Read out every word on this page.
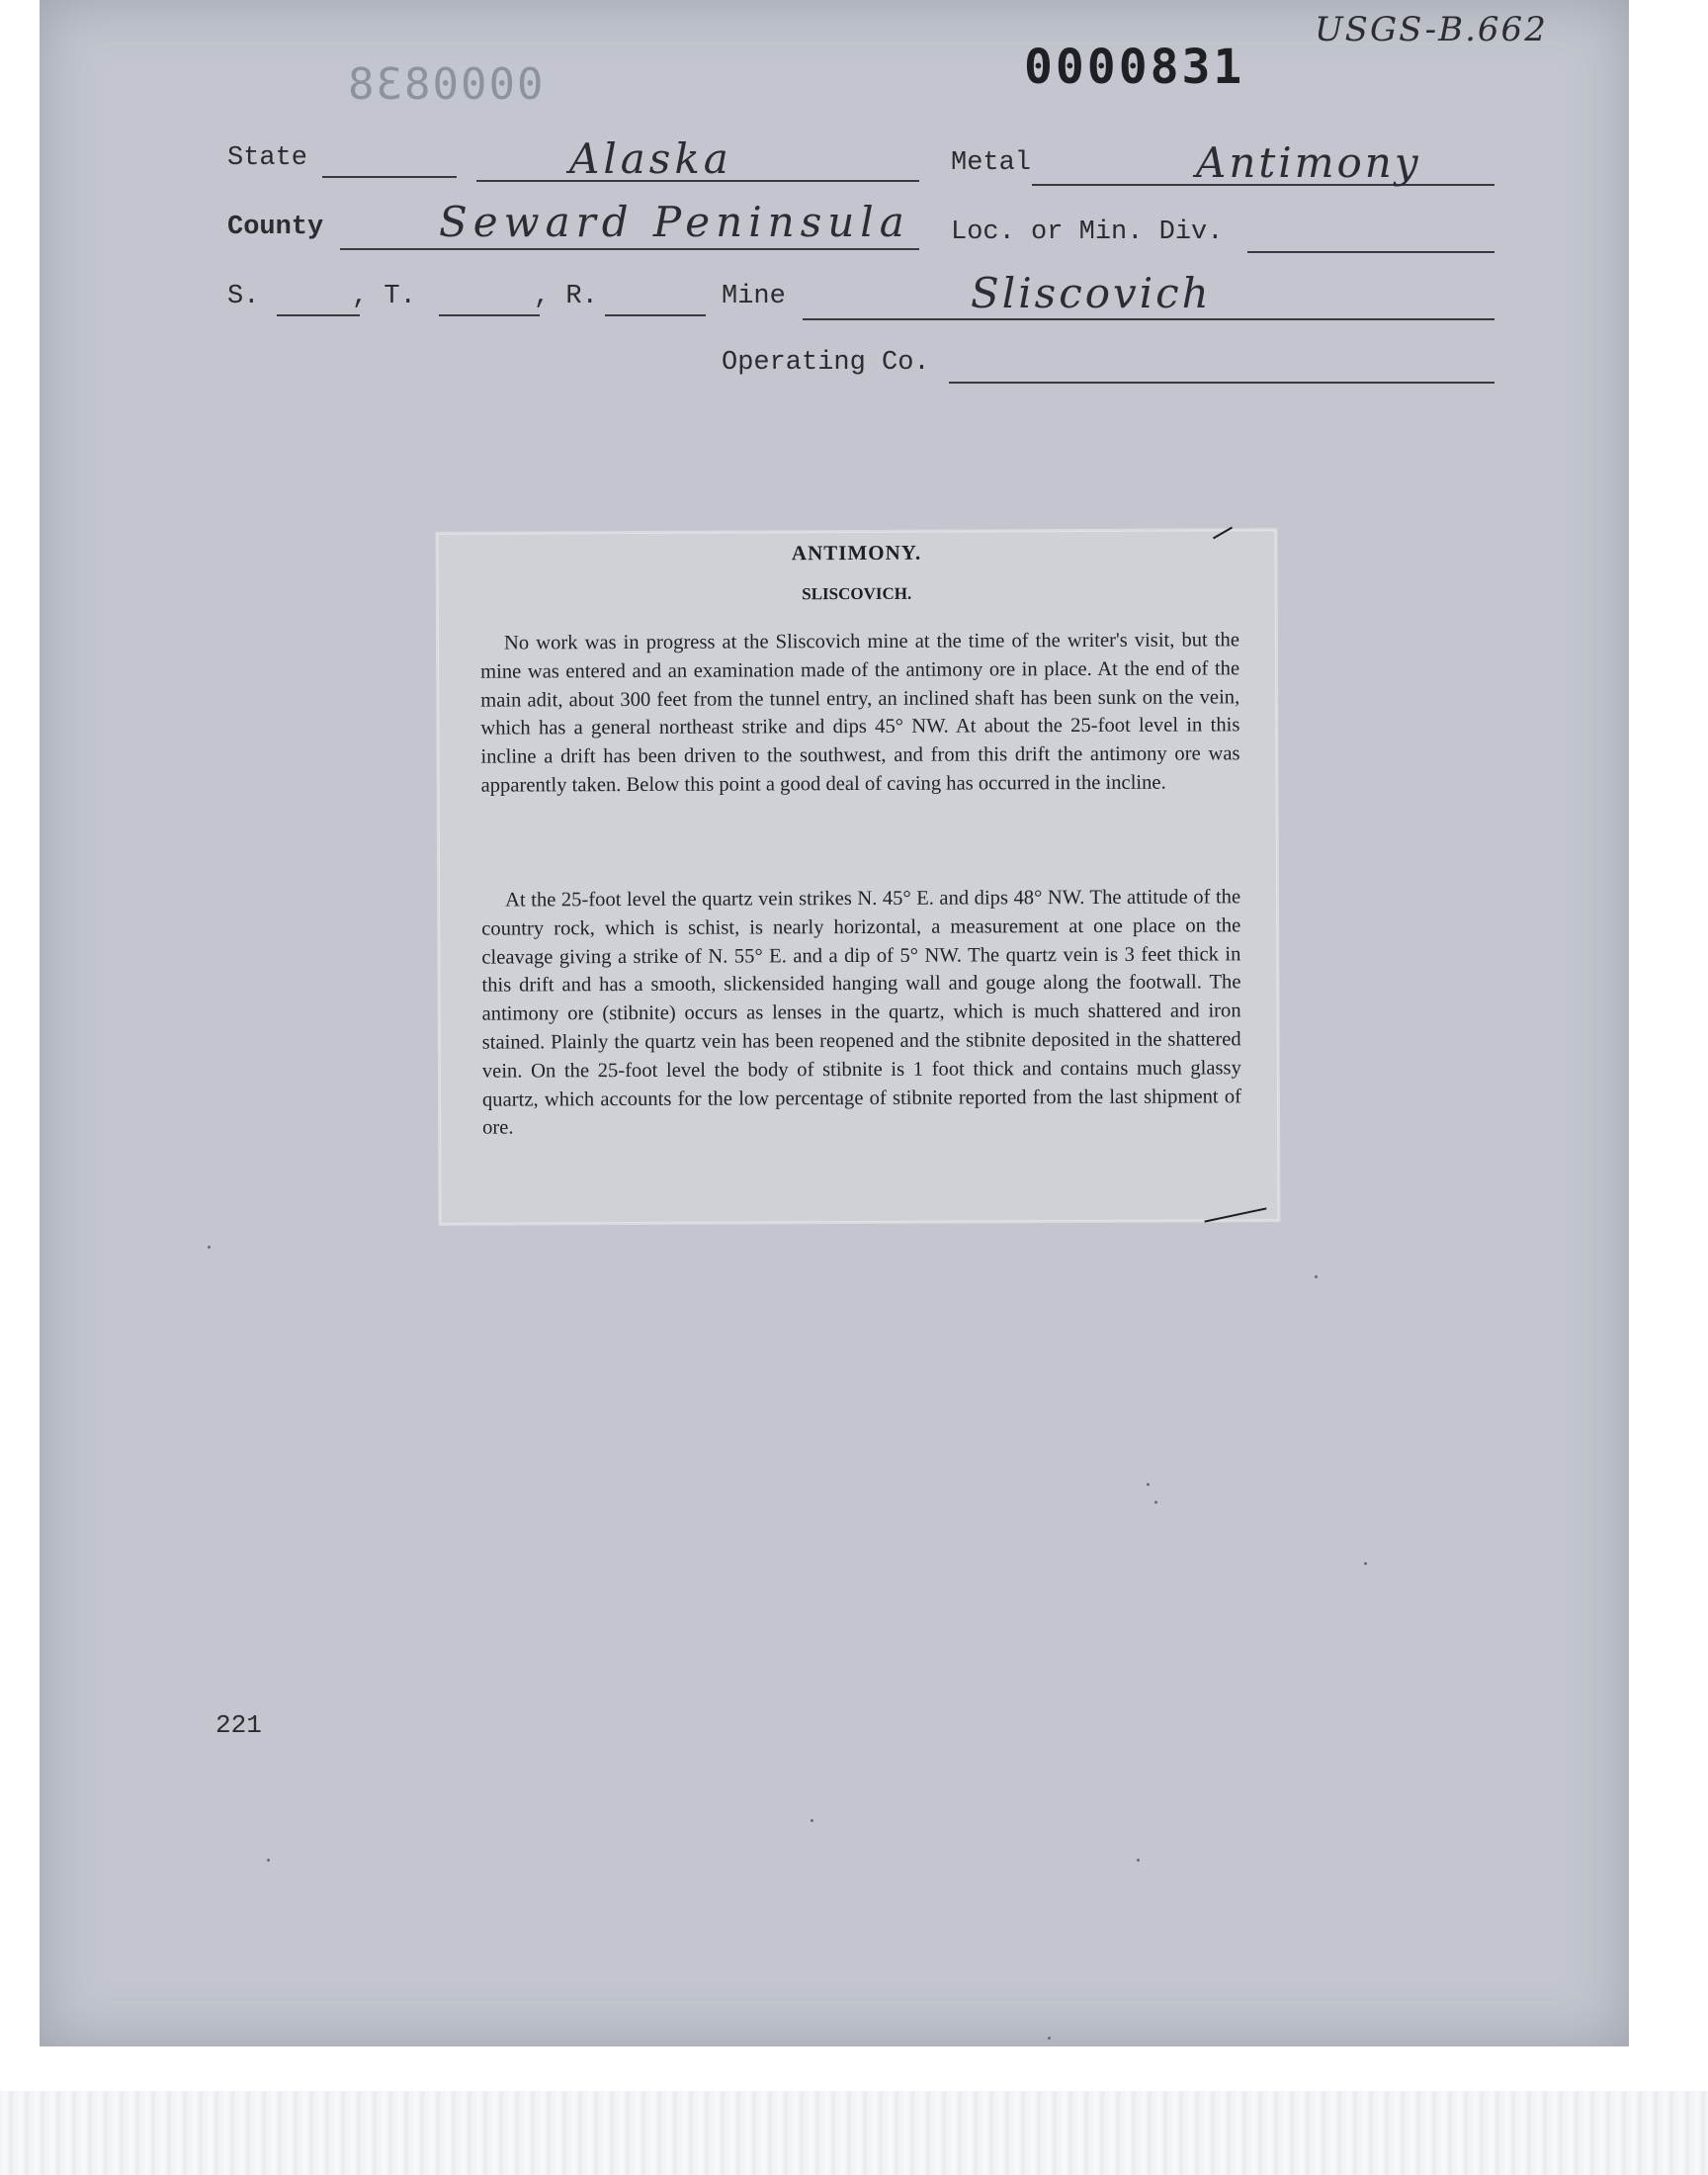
USGS-B.662
0000838	0000831
State	Alaska	Metal	Antimony
County	Seward Peninsula Loc. or Min. Div.
S.	, T.	, R.	Mine	Sliscovich
Operating Co.
ANTIMONY.
SLISCOVICH.

No work was in progress at the Sliscovich mine at the time of the writer's visit, but the mine was entered and an examination made of the antimony ore in place. At the end of the main adit, about 300 feet from the tunnel entry, an inclined shaft has been sunk on the vein, which has a general northeast strike and dips 45° NW. At about the 25-foot level in this incline a drift has been driven to the southwest, and from this drift the antimony ore was apparently taken. Below this point a good deal of caving has occurred in the incline.

At the 25-foot level the quartz vein strikes N. 45° E. and dips 48° NW. The attitude of the country rock, which is schist, is nearly horizontal, a measurement at one place on the cleavage giving a strike of N. 55° E. and a dip of 5° NW. The quartz vein is 3 feet thick in this drift and has a smooth, slickensided hanging wall and gouge along the footwall. The antimony ore (stibnite) occurs as lenses in the quartz, which is much shattered and iron stained. Plainly the quartz vein has been reopened and the stibnite deposited in the shattered vein. On the 25-foot level the body of stibnite is 1 foot thick and contains much glassy quartz, which accounts for the low percentage of stibnite reported from the last shipment of ore.

221
